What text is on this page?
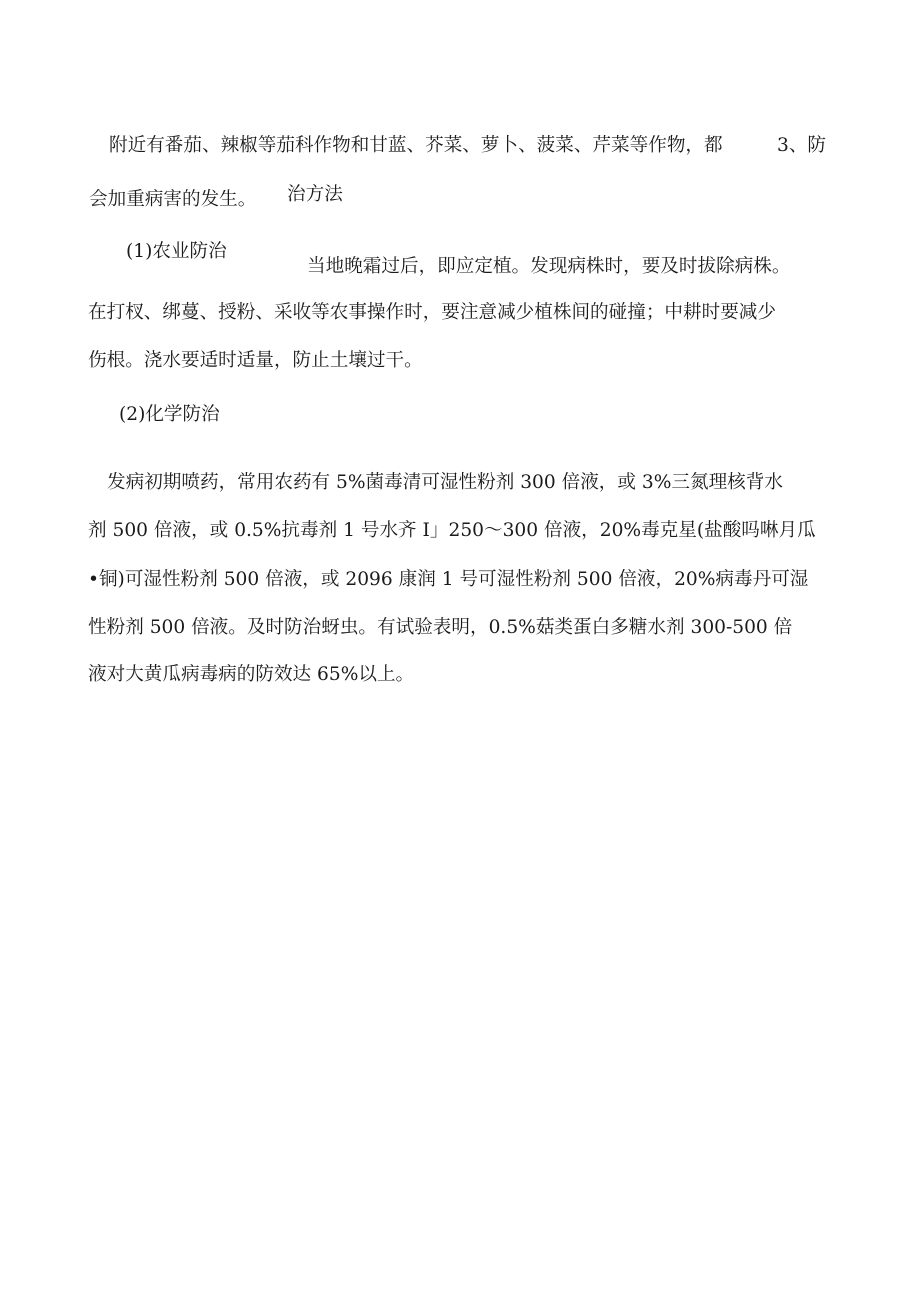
附近有番茄、辣椒等茄科作物和甘蓝、芥菜、萝卜、菠菜、芹菜等作物，都	3、防
会加重病害的发生。 治方法
(1)农业防治
当地晚霜过后，即应定植。发现病株时，要及时拔除病株。
在打杈、绑蔓、授粉、采收等农事操作时，要注意减少植株间的碰撞；中耕时要减少
伤根。浇水要适时适量，防止土壤过干。
(2)化学防治
发病初期喷药，常用农药有 5%菌毒清可湿性粉剂 300 倍液，或 3%三氮理核背水
剂 500 倍液，或 0.5%抗毒剂 1 号水齐 I」250～300 倍液，20%毒克星(盐酸吗啉月瓜
•铜)可湿性粉剂 500 倍液，或 2096 康润 1 号可湿性粉剂 500 倍液，20%病毒丹可湿
性粉剂 500 倍液。及时防治蚜虫。有试验表明，0.5%菇类蛋白多糖水剂 300-500 倍
液对大黄瓜病毒病的防效达 65%以上。
